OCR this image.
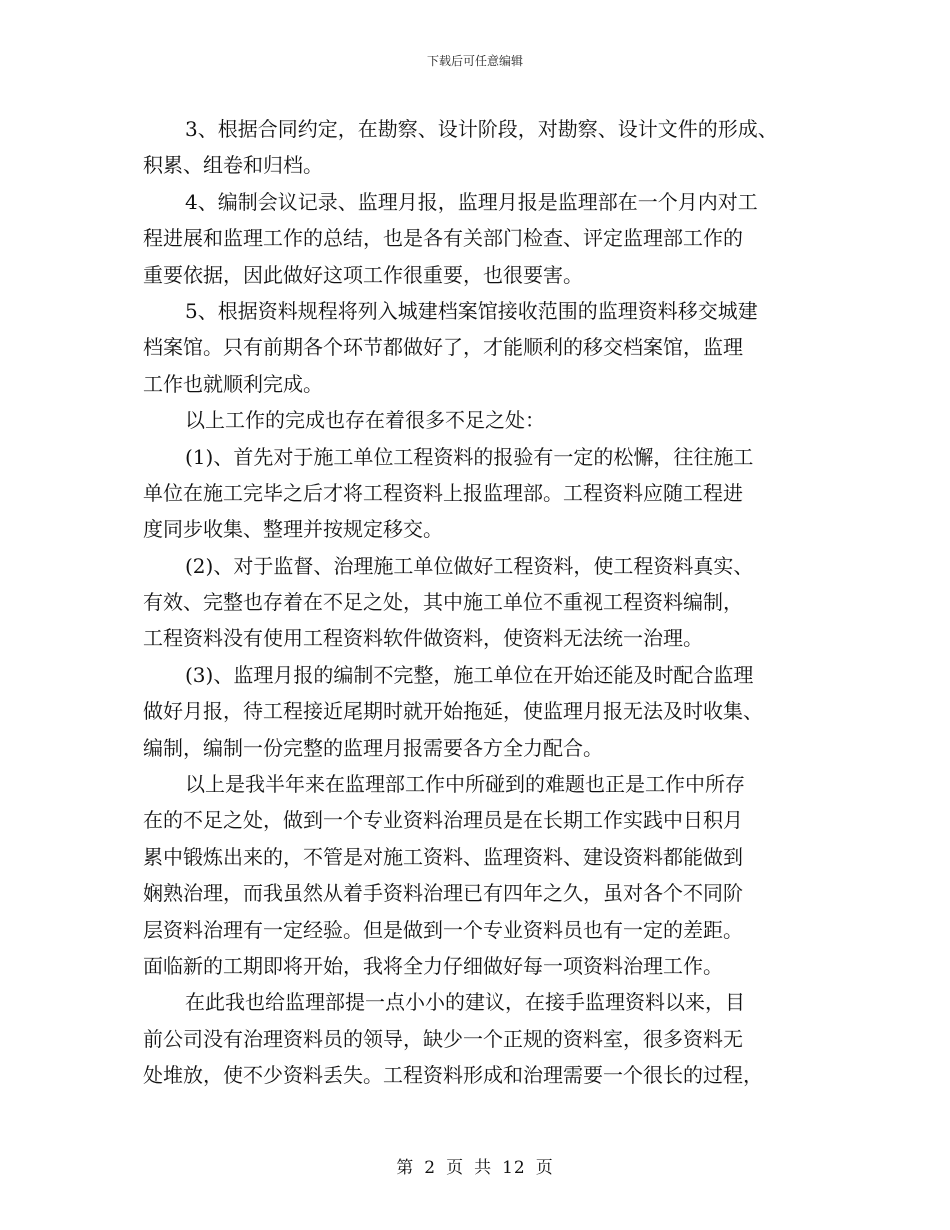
下载后可任意编辑
3、根据合同约定，在勘察、设计阶段，对勘察、设计文件的形成、
积累、组卷和归档。
4、编制会议记录、监理月报，监理月报是监理部在一个月内对工
程进展和监理工作的总结，也是各有关部门检查、评定监理部工作的
重要依据，因此做好这项工作很重要，也很要害。
5、根据资料规程将列入城建档案馆接收范围的监理资料移交城建
档案馆。只有前期各个环节都做好了，才能顺利的移交档案馆，监理
工作也就顺利完成。
以上工作的完成也存在着很多不足之处：
(1)、首先对于施工单位工程资料的报验有一定的松懈，往往施工
单位在施工完毕之后才将工程资料上报监理部。工程资料应随工程进
度同步收集、整理并按规定移交。
(2)、对于监督、治理施工单位做好工程资料，使工程资料真实、
有效、完整也存着在不足之处，其中施工单位不重视工程资料编制，
工程资料没有使用工程资料软件做资料，使资料无法统一治理。
(3)、监理月报的编制不完整，施工单位在开始还能及时配合监理
做好月报，待工程接近尾期时就开始拖延，使监理月报无法及时收集、
编制，编制一份完整的监理月报需要各方全力配合。
以上是我半年来在监理部工作中所碰到的难题也正是工作中所存
在的不足之处，做到一个专业资料治理员是在长期工作实践中日积月
累中锻炼出来的，不管是对施工资料、监理资料、建设资料都能做到
娴熟治理，而我虽然从着手资料治理已有四年之久，虽对各个不同阶
层资料治理有一定经验。但是做到一个专业资料员也有一定的差距。
面临新的工期即将开始，我将全力仔细做好每一项资料治理工作。
在此我也给监理部提一点小小的建议，在接手监理资料以来，目
前公司没有治理资料员的领导，缺少一个正规的资料室，很多资料无
处堆放，使不少资料丢失。工程资料形成和治理需要一个很长的过程，
第 2 页 共 12 页
